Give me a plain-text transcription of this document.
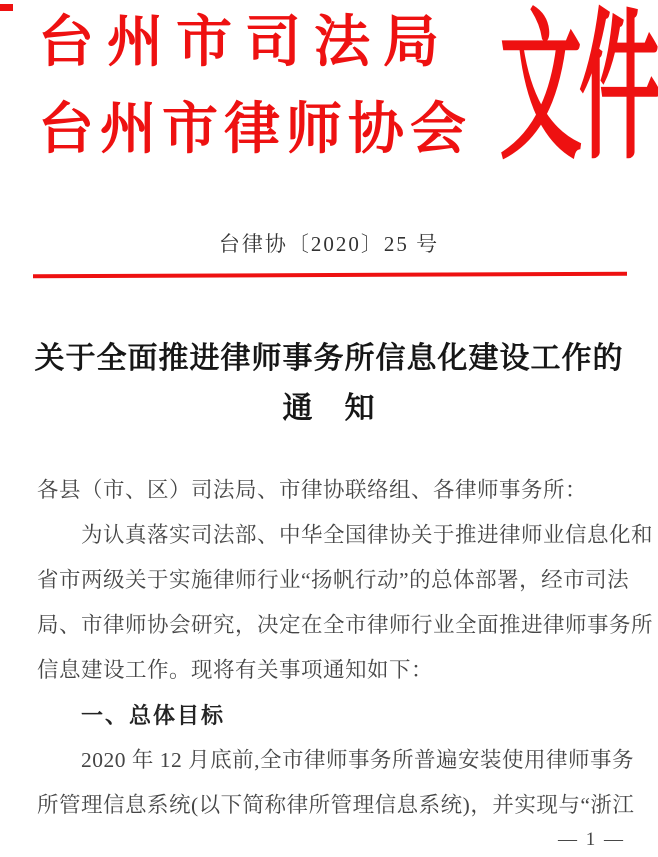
台州市司法局
台州市律师协会 文件
台律协〔2020〕25 号
关于全面推进律师事务所信息化建设工作的
通　知
各县（市、区）司法局、市律协联络组、各律师事务所：
为认真落实司法部、中华全国律协关于推进律师业信息化和
省市两级关于实施律师行业“扬帆行动”的总体部署，经市司法
局、市律师协会研究，决定在全市律师行业全面推进律师事务所
信息建设工作。现将有关事项通知如下：
一、总体目标
2020 年 12 月底前,全市律师事务所普遍安装使用律师事务
所管理信息系统(以下简称律所管理信息系统)，并实现与“浙江
— 1 —
